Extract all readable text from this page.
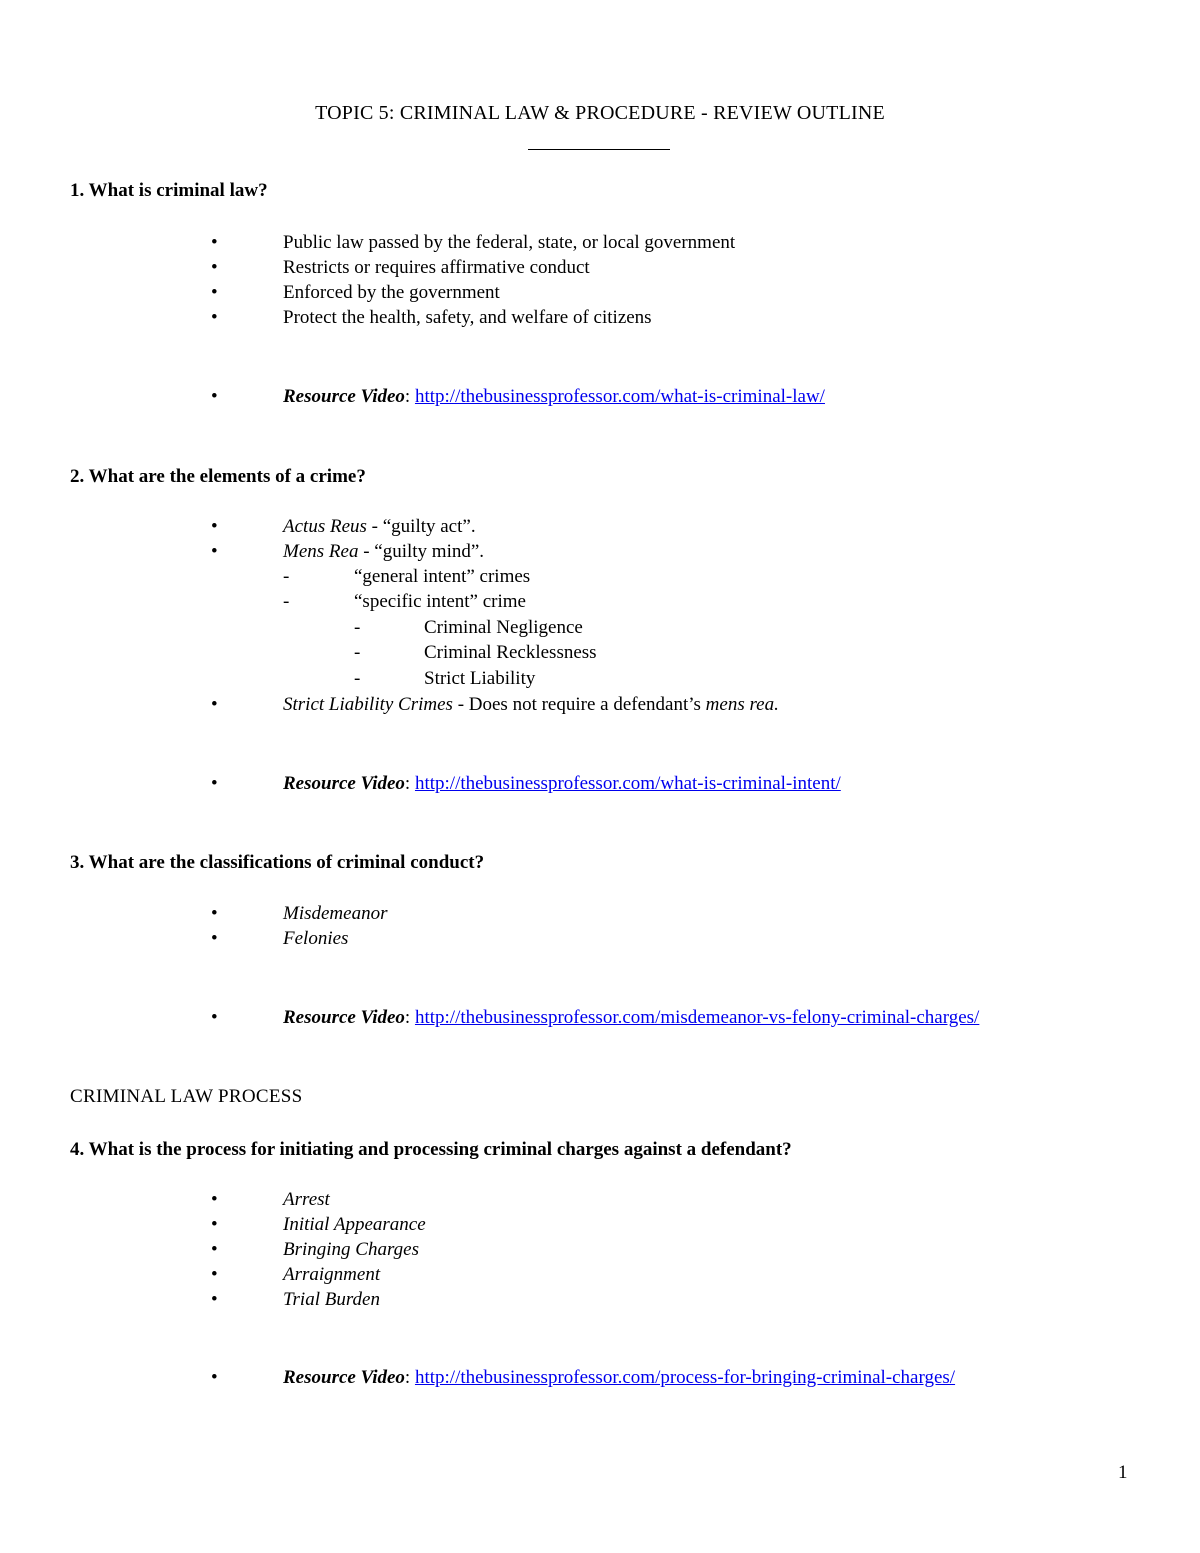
TOPIC 5: CRIMINAL LAW & PROCEDURE - REVIEW OUTLINE
1. What is criminal law?
•	Public law passed by the federal, state, or local government
•	Restricts or requires affirmative conduct
•	Enforced by the government
•	Protect the health, safety, and welfare of citizens
•	Resource Video: http://thebusinessprofessor.com/what-is-criminal-law/
2. What are the elements of a crime?
•	Actus Reus - “guilty act”.
•	Mens Rea - “guilty mind”.
-	“general intent” crimes
-	“specific intent” crime
-	Criminal Negligence
-	Criminal Recklessness
-	Strict Liability
•	Strict Liability Crimes - Does not require a defendant’s mens rea.
•	Resource Video: http://thebusinessprofessor.com/what-is-criminal-intent/
3. What are the classifications of criminal conduct?
•	Misdemeanor
•	Felonies
•	Resource Video: http://thebusinessprofessor.com/misdemeanor-vs-felony-criminal-charges/
CRIMINAL LAW PROCESS
4. What is the process for initiating and processing criminal charges against a defendant?
•	Arrest
•	Initial Appearance
•	Bringing Charges
•	Arraignment
•	Trial Burden
•	Resource Video: http://thebusinessprofessor.com/process-for-bringing-criminal-charges/
1
